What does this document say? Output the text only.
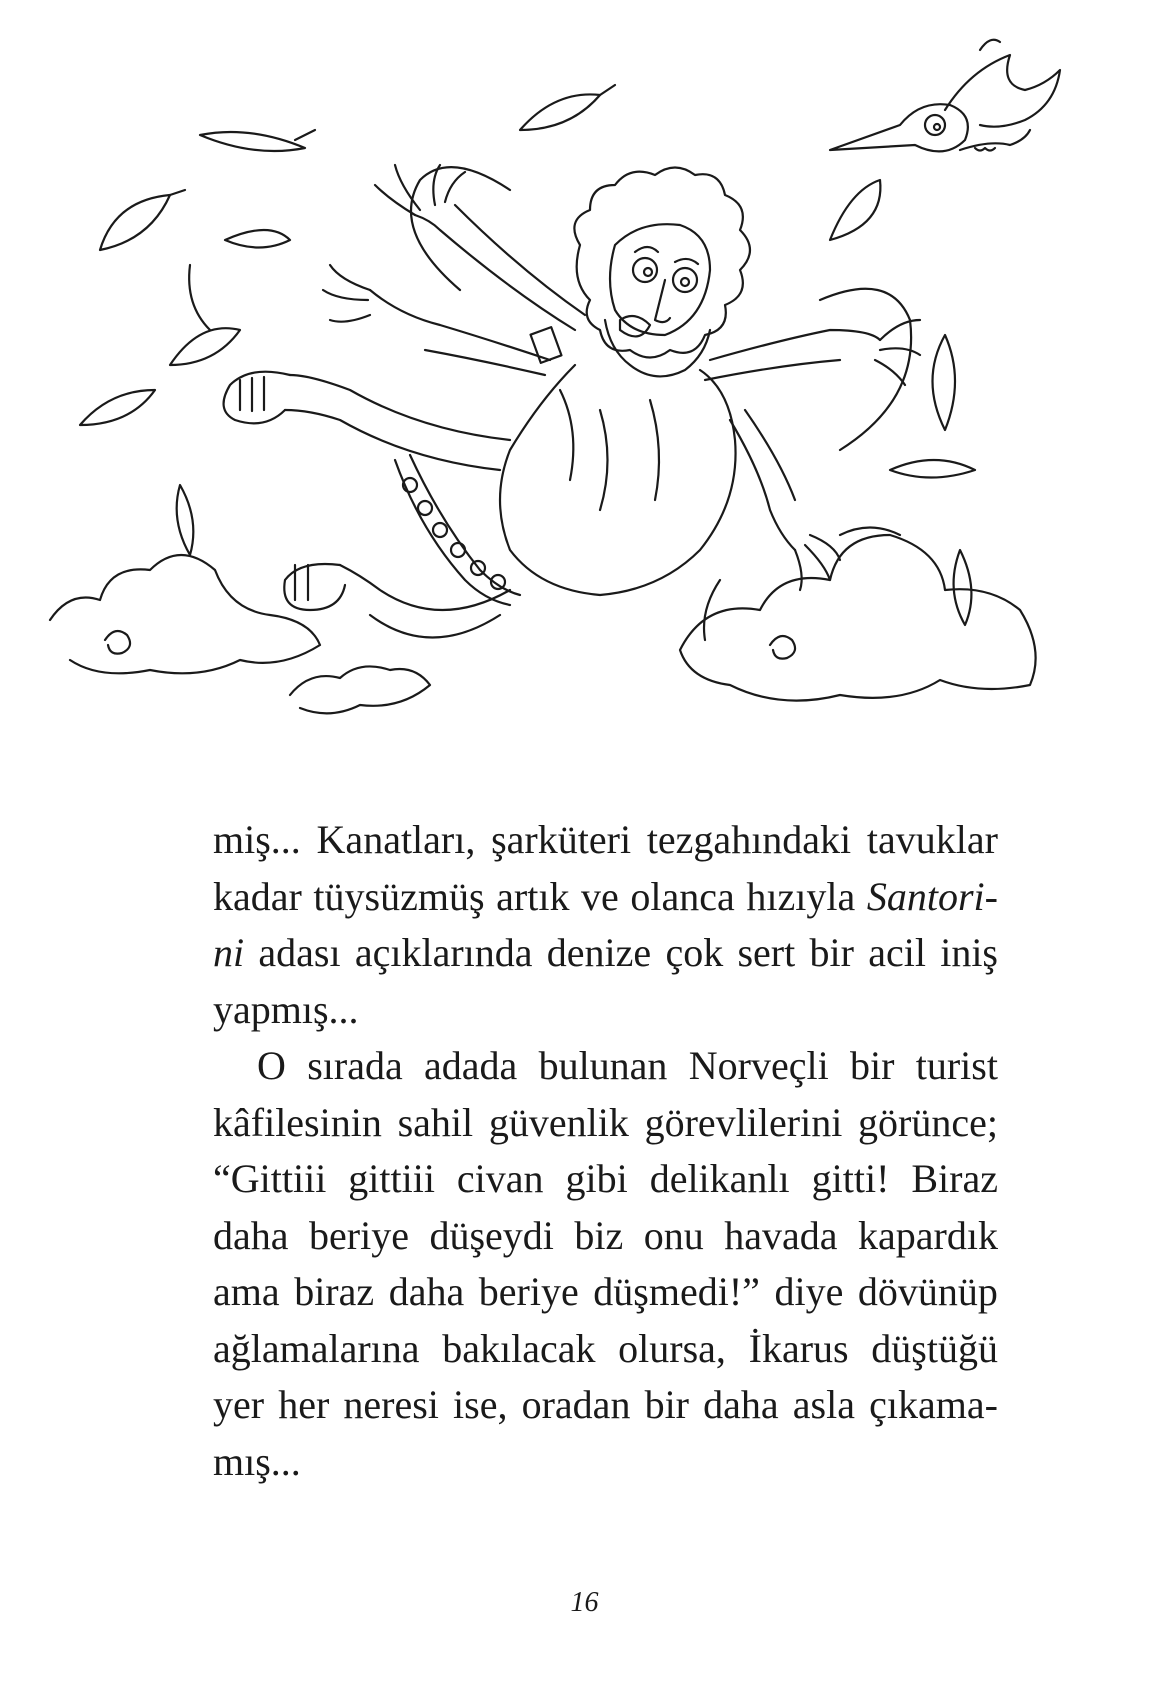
miş... Kanatları, şarküteri tezgahındaki tavuklar
kadar tüysüzmüş artık ve olanca hızıyla Santori-
ni adası açıklarında denize çok sert bir acil iniş
yapmış...
O sırada adada bulunan Norveçli bir turist
kâfilesinin sahil güvenlik görevlilerini görünce;
“Gittiii gittiii civan gibi delikanlı gitti! Biraz
daha beriye düşeydi biz onu havada kapardık
ama biraz daha beriye düşmedi!” diye dövünüp
ağlamalarına bakılacak olursa, İkarus düştüğü
yer her neresi ise, oradan bir daha asla çıkama-
mış...
16
